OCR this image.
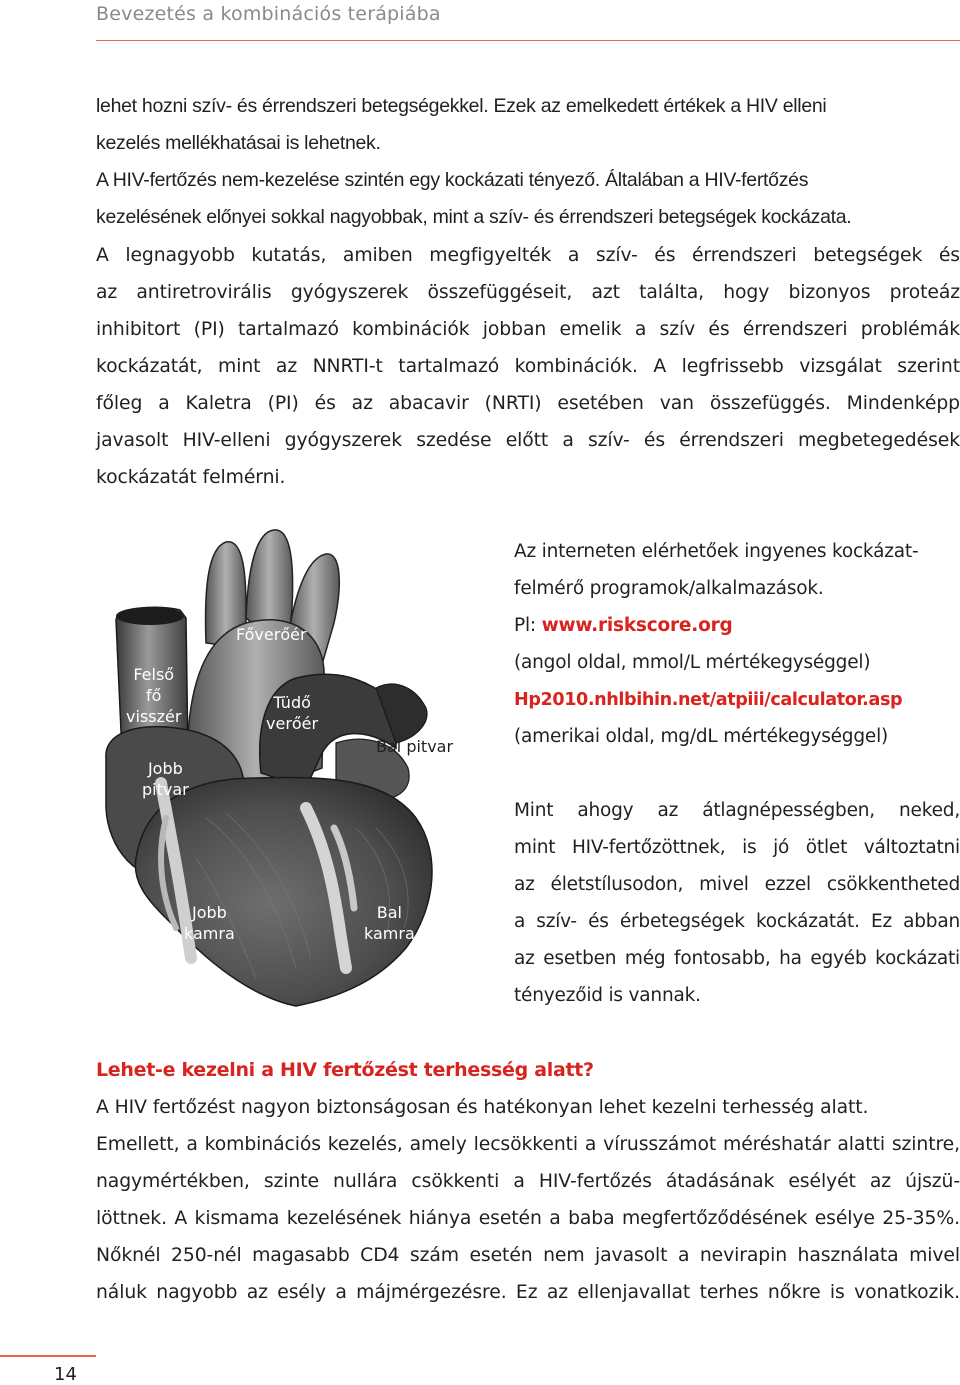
Bevezetés a kombinációs terápiába
lehet hozni szív- és érrendszeri betegségekkel. Ezek az emelkedett értékek a HIV elleni
kezelés mellékhatásai is lehetnek.
A HIV-fertőzés nem-kezelése szintén egy kockázati tényező. Általában a HIV-fertőzés
kezelésének előnyei sokkal nagyobbak, mint a szív- és érrendszeri betegségek kockázata.
A legnagyobb kutatás, amiben megfigyelték a szív- és érrendszeri betegségek és
az antiretrovirális gyógyszerek összefüggéseit, azt találta, hogy bizonyos proteáz
inhibitort (PI) tartalmazó kombinációk jobban emelik a szív és érrendszeri problémák
kockázatát, mint az NNRTI-t tartalmazó kombinációk. A legfrissebb vizsgálat szerint
főleg a Kaletra (PI) és az abacavir (NRTI) esetében van összefüggés. Mindenképp
javasolt HIV-elleni gyógyszerek szedése előtt a szív- és érrendszeri megbetegedések
kockázatát felmérni.
Felső
fő
visszér
Főverőér
Tüdő
verőér
Bal pitvar
Jobb
pitvar
Jobb
kamra
Bal
kamra
Az interneten elérhetőek ingyenes kockázat-
felmérő programok/alkalmazások.
Pl: www.riskscore.org
(angol oldal, mmol/L mértékegységgel)
Hp2010.nhlbihin.net/atpiii/calculator.asp
(amerikai oldal, mg/dL mértékegységgel)
Mint ahogy az átlagnépességben, neked,
mint HIV-fertőzöttnek, is jó ötlet változtatni
az életstílusodon, mivel ezzel csökkentheted
a szív- és érbetegségek kockázatát. Ez abban
az esetben még fontosabb, ha egyéb kockázati
tényezőid is vannak.
Lehet-e kezelni a HIV fertőzést terhesség alatt?
A HIV fertőzést nagyon biztonságosan és hatékonyan lehet kezelni terhesség alatt.
Emellett, a kombinációs kezelés, amely lecsökkenti a vírusszámot méréshatár alatti szintre,
nagymértékben, szinte nullára csökkenti a HIV-fertőzés átadásának esélyét az újszü-
löttnek. A kismama kezelésének hiánya esetén a baba megfertőződésének esélye 25-35%.
Nőknél 250-nél magasabb CD4 szám esetén nem javasolt a nevirapin használata mivel
náluk nagyobb az esély a májmérgezésre. Ez az ellenjavallat terhes nőkre is vonatkozik.
14
